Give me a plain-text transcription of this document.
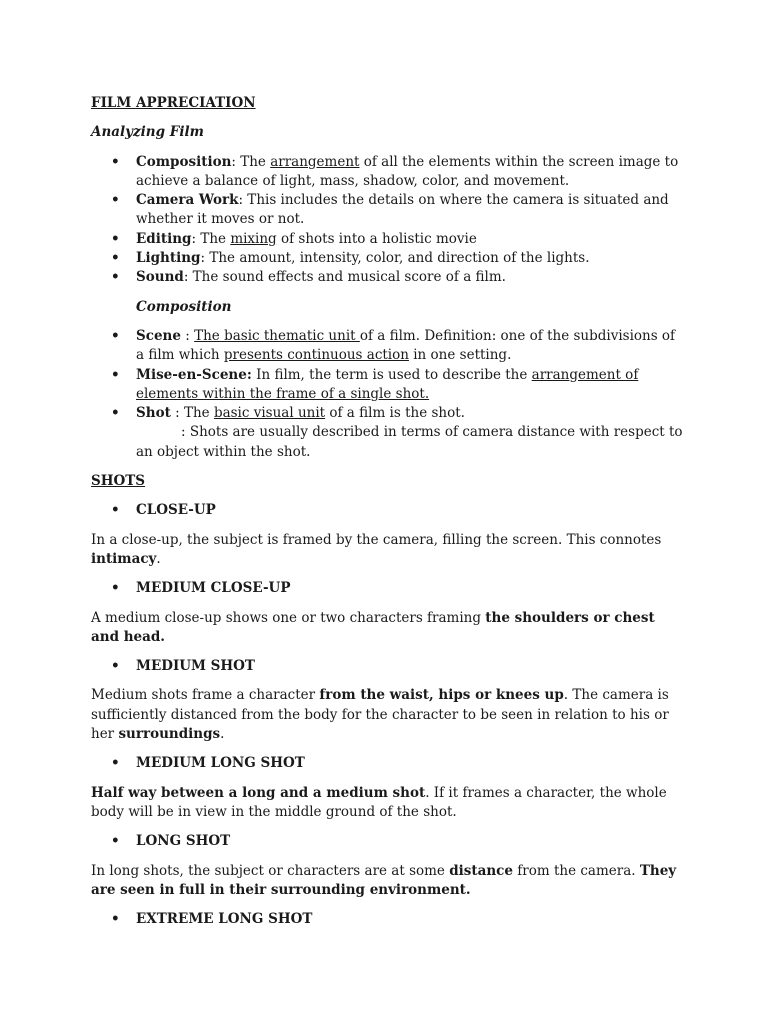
FILM APPRECIATION
Analyzing Film
• Composition: The arrangement of all the elements within the screen image to achieve a balance of light, mass, shadow, color, and movement.
• Camera Work: This includes the details on where the camera is situated and whether it moves or not.
• Editing: The mixing of shots into a holistic movie
• Lighting: The amount, intensity, color, and direction of the lights.
• Sound: The sound effects and musical score of a film.
Composition
• Scene : The basic thematic unit of a film. Definition: one of the subdivisions of a film which presents continuous action in one setting.
• Mise-en-Scene: In film, the term is used to describe the arrangement of elements within the frame of a single shot.
• Shot : The basic visual unit of a film is the shot.
: Shots are usually described in terms of camera distance with respect to an object within the shot.
SHOTS
• CLOSE-UP
In a close-up, the subject is framed by the camera, filling the screen. This connotes intimacy.
• MEDIUM CLOSE-UP
A medium close-up shows one or two characters framing the shoulders or chest and head.
• MEDIUM SHOT
Medium shots frame a character from the waist, hips or knees up. The camera is sufficiently distanced from the body for the character to be seen in relation to his or her surroundings.
• MEDIUM LONG SHOT
Half way between a long and a medium shot. If it frames a character, the whole body will be in view in the middle ground of the shot.
• LONG SHOT
In long shots, the subject or characters are at some distance from the camera. They are seen in full in their surrounding environment.
• EXTREME LONG SHOT
